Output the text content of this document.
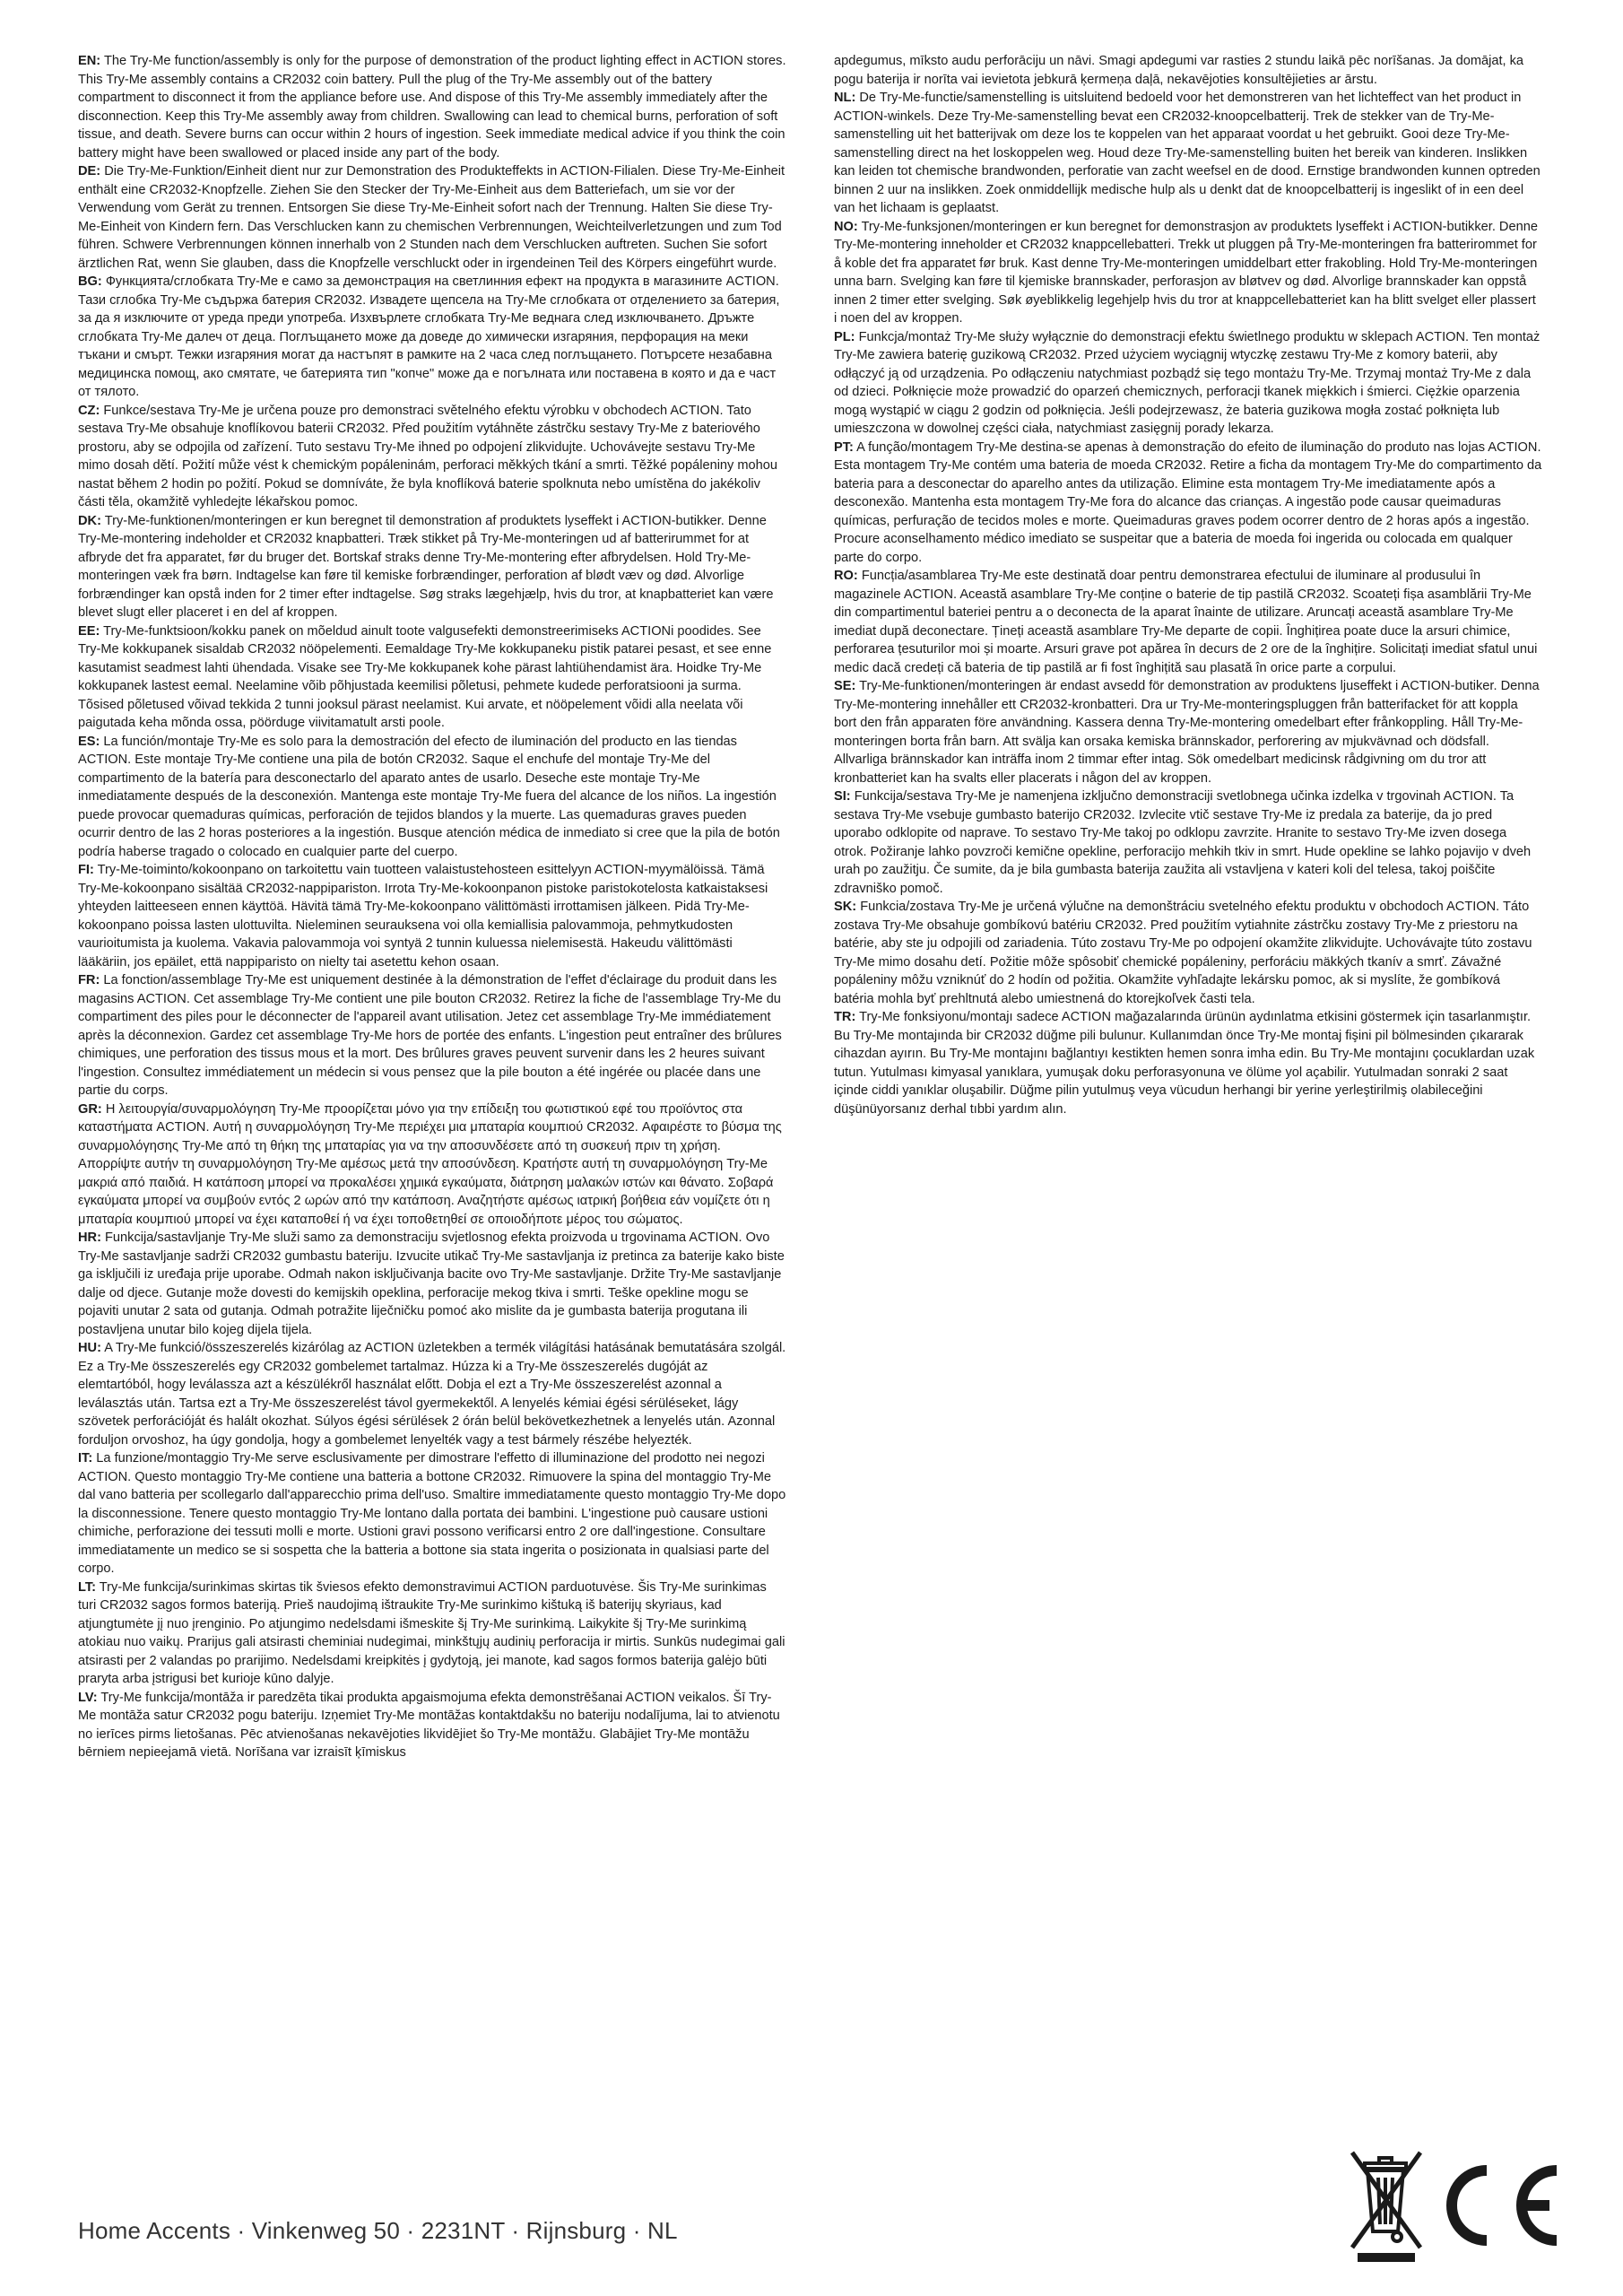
EN: The Try-Me function/assembly is only for the purpose of demonstration of the product lighting effect in ACTION stores. This Try-Me assembly contains a CR2032 coin battery. Pull the plug of the Try-Me assembly out of the battery compartment to disconnect it from the appliance before use. And dispose of this Try-Me assembly immediately after the disconnection. Keep this Try-Me assembly away from children. Swallowing can lead to chemical burns, perforation of soft tissue, and death. Severe burns can occur within 2 hours of ingestion. Seek immediate medical advice if you think the coin battery might have been swallowed or placed inside any part of the body.

DE: Die Try-Me-Funktion/Einheit dient nur zur Demonstration des Produkteffekts in ACTION-Filialen. Diese Try-Me-Einheit enthält eine CR2032-Knopfzelle. Ziehen Sie den Stecker der Try-Me-Einheit aus dem Batteriefach, um sie vor der Verwendung vom Gerät zu trennen. Entsorgen Sie diese Try-Me-Einheit sofort nach der Trennung. Halten Sie diese Try-Me-Einheit von Kindern fern. Das Verschlucken kann zu chemischen Verbrennungen, Weichteilverletzungen und zum Tod führen. Schwere Verbrennungen können innerhalb von 2 Stunden nach dem Verschlucken auftreten. Suchen Sie sofort ärztlichen Rat, wenn Sie glauben, dass die Knopfzelle verschluckt oder in irgendeinen Teil des Körpers eingeführt wurde.

BG: Функцията/сглобката Try-Me е само за демонстрация на светлинния ефект на продукта в магазините ACTION. Тази сглобка Try-Me съдържа батерия CR2032. Извадете щепсела на Try-Me сглобката от отделението за батерия, за да я изключите от уреда преди употреба. Изхвърлете сглобката Try-Me веднага след изключването. Дръжте сглобката Try-Me далеч от деца. Поглъщането може да доведе до химически изгаряния, перфорация на меки тъкани и смърт. Тежки изгаряния могат да настъпят в рамките на 2 часа след поглъщането. Потърсете незабавна медицинска помощ, ако смятате, че батерията тип "копче" може да е погълната или поставена в която и да е част от тялото.

CZ: Funkce/sestava Try-Me je určena pouze pro demonstraci světelného efektu výrobku v obchodech ACTION. Tato sestava Try-Me obsahuje knoflíkovou baterii CR2032. Před použitím vytáhněte zástrčku sestavy Try-Me z bateriového prostoru, aby se odpojila od zařízení. Tuto sestavu Try-Me ihned po odpojení zlikvidujte. Uchovávejte sestavu Try-Me mimo dosah dětí. Požití může vést k chemickým popáleninám, perforaci měkkých tkání a smrti. Těžké popáleniny mohou nastat během 2 hodin po požití. Pokud se domníváte, že byla knoflíková baterie spolknuta nebo umístěna do jakékoliv části těla, okamžitě vyhledejte lékařskou pomoc.

DK: Try-Me-funktionen/monteringen er kun beregnet til demonstration af produktets lyseffekt i ACTION-butikker. Denne Try-Me-montering indeholder et CR2032 knapbatteri. Træk stikket på Try-Me-monteringen ud af batterirummet for at afbryde det fra apparatet, før du bruger det. Bortskaf straks denne Try-Me-montering efter afbrydelsen. Hold Try-Me-monteringen væk fra børn. Indtagelse kan føre til kemiske forbrændinger, perforation af blødt væv og død. Alvorlige forbrændinger kan opstå inden for 2 timer efter indtagelse. Søg straks lægehjælp, hvis du tror, at knapbatteriet kan være blevet slugt eller placeret i en del af kroppen.

EE: Try-Me-funktsioon/kokku panek on mõeldud ainult toote valgusefekti demonstreerimiseks ACTIONi poodides. See Try-Me kokkupanek sisaldab CR2032 nööpelementi. Eemaldage Try-Me kokkupaneku pistik patarei pesast, et see enne kasutamist seadmest lahti ühendada. Visake see Try-Me kokkupanek kohe pärast lahtiühendamist ära. Hoidke Try-Me kokkupanek lastest eemal. Neelamine võib põhjustada keemilisi põletusi, pehmete kudede perforatsiooni ja surma. Tõsised põletused võivad tekkida 2 tunni jooksul pärast neelamist. Kui arvate, et nööpelement võidi alla neelata või paigutada keha mõnda ossa, pöörduge viivitamatult arsti poole.

ES: La función/montaje Try-Me es solo para la demostración del efecto de iluminación del producto en las tiendas ACTION. Este montaje Try-Me contiene una pila de botón CR2032. Saque el enchufe del montaje Try-Me del compartimento de la batería para desconectarlo del aparato antes de usarlo. Deseche este montaje Try-Me inmediatamente después de la desconexión. Mantenga este montaje Try-Me fuera del alcance de los niños. La ingestión puede provocar quemaduras químicas, perforación de tejidos blandos y la muerte. Las quemaduras graves pueden ocurrir dentro de las 2 horas posteriores a la ingestión. Busque atención médica de inmediato si cree que la pila de botón podría haberse tragado o colocado en cualquier parte del cuerpo.

FI: Try-Me-toiminto/kokoonpano on tarkoitettu vain tuotteen valaistustehosteen esittelyyn ACTION-myymälöissä. Tämä Try-Me-kokoonpano sisältää CR2032-nappipariston. Irrota Try-Me-kokoonpanon pistoke paristokotelosta katkaistaksesi yhteyden laitteeseen ennen käyttöä. Hävitä tämä Try-Me-kokoonpano välittömästi irrottamisen jälkeen. Pidä Try-Me-kokoonpano poissa lasten ulottuvilta. Nieleminen seurauksena voi olla kemiallisia palovammoja, pehmytkudosten vaurioitumista ja kuolema. Vakavia palovammoja voi syntyä 2 tunnin kuluessa nielemisestä. Hakeudu välittömästi lääkäriin, jos epäilet, että nappiparisto on nielty tai asetettu kehon osaan.

FR: La fonction/assemblage Try-Me est uniquement destinée à la démonstration de l'effet d'éclairage du produit dans les magasins ACTION. Cet assemblage Try-Me contient une pile bouton CR2032. Retirez la fiche de l'assemblage Try-Me du compartiment des piles pour le déconnecter de l'appareil avant utilisation. Jetez cet assemblage Try-Me immédiatement après la déconnexion. Gardez cet assemblage Try-Me hors de portée des enfants. L'ingestion peut entraîner des brûlures chimiques, une perforation des tissus mous et la mort. Des brûlures graves peuvent survenir dans les 2 heures suivant l'ingestion. Consultez immédiatement un médecin si vous pensez que la pile bouton a été ingérée ou placée dans une partie du corps.

GR: Η λειτουργία/συναρμολόγηση Try-Me προορίζεται μόνο για την επίδειξη του φωτιστικού εφέ του προϊόντος στα καταστήματα ACTION. Αυτή η συναρμολόγηση Try-Me περιέχει μια μπαταρία κουμπιού CR2032. Αφαιρέστε το βύσμα της συναρμολόγησης Try-Me από τη θήκη της μπαταρίας για να την αποσυνδέσετε από τη συσκευή πριν τη χρήση. Απορρίψτε αυτήν τη συναρμολόγηση Try-Me αμέσως μετά την αποσύνδεση. Κρατήστε αυτή τη συναρμολόγηση Try-Me μακριά από παιδιά. Η κατάποση μπορεί να προκαλέσει χημικά εγκαύματα, διάτρηση μαλακών ιστών και θάνατο. Σοβαρά εγκαύματα μπορεί να συμβούν εντός 2 ωρών από την κατάποση. Αναζητήστε αμέσως ιατρική βοήθεια εάν νομίζετε ότι η μπαταρία κουμπιού μπορεί να έχει καταποθεί ή να έχει τοποθετηθεί σε οποιοδήποτε μέρος του σώματος.

HR: Funkcija/sastavljanje Try-Me služi samo za demonstraciju svjetlosnog efekta proizvoda u trgovinama ACTION. Ovo Try-Me sastavljanje sadrži CR2032 gumbastu bateriju. Izvucite utikač Try-Me sastavljanja iz pretinca za baterije kako biste ga isključili iz uređaja prije uporabe. Odmah nakon isključivanja bacite ovo Try-Me sastavljanje. Držite Try-Me sastavljanje dalje od djece. Gutanje može dovesti do kemijskih opeklina, perforacije mekog tkiva i smrti. Teške opekline mogu se pojaviti unutar 2 sata od gutanja. Odmah potražite liječničku pomoć ako mislite da je gumbasta baterija progutana ili postavljena unutar bilo kojeg dijela tijela.

HU: A Try-Me funkció/összeszerelés kizárólag az ACTION üzletekben a termék világítási hatásának bemutatására szolgál. Ez a Try-Me összeszerelés egy CR2032 gombelemet tartalmaz. Húzza ki a Try-Me összeszerelés dugóját az elemtartóból, hogy leválassza azt a készülékről használat előtt. Dobja el ezt a Try-Me összeszerelést azonnal a leválasztás után. Tartsa ezt a Try-Me összeszerelést távol gyermekektől. A lenyelés kémiai égési sérüléseket, lágy szövetek perforációját és halált okozhat. Súlyos égési sérülések 2 órán belül bekövetkezhetnek a lenyelés után. Azonnal forduljon orvoshoz, ha úgy gondolja, hogy a gombelemet lenyelték vagy a test bármely részébe helyezték.

IT: La funzione/montaggio Try-Me serve esclusivamente per dimostrare l'effetto di illuminazione del prodotto nei negozi ACTION. Questo montaggio Try-Me contiene una batteria a bottone CR2032. Rimuovere la spina del montaggio Try-Me dal vano batteria per scollegarlo dall'apparecchio prima dell'uso. Smaltire immediatamente questo montaggio Try-Me dopo la disconnessione. Tenere questo montaggio Try-Me lontano dalla portata dei bambini. L'ingestione può causare ustioni chimiche, perforazione dei tessuti molli e morte. Ustioni gravi possono verificarsi entro 2 ore dall'ingestione. Consultare immediatamente un medico se si sospetta che la batteria a bottone sia stata ingerita o posizionata in qualsiasi parte del corpo.

LT: Try-Me funkcija/surinkimas skirtas tik šviesos efekto demonstravimui ACTION parduotuvėse. Šis Try-Me surinkimas turi CR2032 sagos formos bateriją. Prieš naudojimą ištraukite Try-Me surinkimo kištuką iš baterijų skyriaus, kad atjungtumėte jį nuo įrenginio. Po atjungimo nedelsdami išmeskite šį Try-Me surinkimą. Laikykite šį Try-Me surinkimą atokiau nuo vaikų. Prarijus gali atsirasti cheminiai nudegimai, minkštųjų audinių perforacija ir mirtis. Sunkūs nudegimai gali atsirasti per 2 valandas po prarijimo. Nedelsdami kreipkitės į gydytoją, jei manote, kad sagos formos baterija galėjo būti praryta arba įstrigusi bet kurioje kūno dalyje.

LV: Try-Me funkcija/montāža ir paredzēta tikai produkta apgaismojuma efekta demonstrēšanai ACTION veikalos. Šī Try-Me montāža satur CR2032 pogu bateriju. Izņemiet Try-Me montāžas kontaktdakšu no bateriju nodalījuma, lai to atvienotu no ierīces pirms lietošanas. Pēc atvienošanas nekavējoties likvidējiet šo Try-Me montāžu. Glabājiet Try-Me montāžu bērniem nepieejamā vietā. Norīšana var izraisīt ķīmiskus

apdegumus, mīksto audu perforāciju un nāvi. Smagi apdegumi var rasties 2 stundu laikā pēc norīšanas. Ja domājat, ka pogu baterija ir norīta vai ievietota jebkurā ķermeņa daļā, nekavējoties konsultējieties ar ārstu.

NL: De Try-Me-functie/samenstelling is uitsluitend bedoeld voor het demonstreren van het lichteffect van het product in ACTION-winkels. Deze Try-Me-samenstelling bevat een CR2032-knoopcelbatterij. Trek de stekker van de Try-Me-samenstelling uit het batterijvak om deze los te koppelen van het apparaat voordat u het gebruikt. Gooi deze Try-Me-samenstelling direct na het loskoppelen weg. Houd deze Try-Me-samenstelling buiten het bereik van kinderen. Inslikken kan leiden tot chemische brandwonden, perforatie van zacht weefsel en de dood. Ernstige brandwonden kunnen optreden binnen 2 uur na inslikken. Zoek onmiddellijk medische hulp als u denkt dat de knoopcelbatterij is ingeslikt of in een deel van het lichaam is geplaatst.

NO: Try-Me-funksjonen/monteringen er kun beregnet for demonstrasjon av produktets lyseffekt i ACTION-butikker. Denne Try-Me-montering inneholder et CR2032 knappcellebatteri. Trekk ut pluggen på Try-Me-monteringen fra batterirommet for å koble det fra apparatet før bruk. Kast denne Try-Me-monteringen umiddelbart etter frakobling. Hold Try-Me-monteringen unna barn. Svelging kan føre til kjemiske brannskader, perforasjon av bløtvev og død. Alvorlige brannskader kan oppstå innen 2 timer etter svelging. Søk øyeblikkelig legehjelp hvis du tror at knappcellebatteriet kan ha blitt svelget eller plassert i noen del av kroppen.

PL: Funkcja/montaż Try-Me służy wyłącznie do demonstracji efektu świetlnego produktu w sklepach ACTION. Ten montaż Try-Me zawiera baterię guzikową CR2032. Przed użyciem wyciągnij wtyczkę zestawu Try-Me z komory baterii, aby odłączyć ją od urządzenia. Po odłączeniu natychmiast pozbądź się tego montażu Try-Me. Trzymaj montaż Try-Me z dala od dzieci. Połknięcie może prowadzić do oparzeń chemicznych, perforacji tkanek miękkich i śmierci. Ciężkie oparzenia mogą wystąpić w ciągu 2 godzin od połknięcia. Jeśli podejrzewasz, że bateria guzikowa mogła zostać połknięta lub umieszczona w dowolnej części ciała, natychmiast zasięgnij porady lekarza.

PT: A função/montagem Try-Me destina-se apenas à demonstração do efeito de iluminação do produto nas lojas ACTION. Esta montagem Try-Me contém uma bateria de moeda CR2032. Retire a ficha da montagem Try-Me do compartimento da bateria para a desconectar do aparelho antes da utilização. Elimine esta montagem Try-Me imediatamente após a desconexão. Mantenha esta montagem Try-Me fora do alcance das crianças. A ingestão pode causar queimaduras químicas, perfuração de tecidos moles e morte. Queimaduras graves podem ocorrer dentro de 2 horas após a ingestão. Procure aconselhamento médico imediato se suspeitar que a bateria de moeda foi ingerida ou colocada em qualquer parte do corpo.

RO: Funcția/asamblarea Try-Me este destinată doar pentru demonstrarea efectului de iluminare al produsului în magazinele ACTION. Această asamblare Try-Me conține o baterie de tip pastilă CR2032. Scoateți fișa asamblării Try-Me din compartimentul bateriei pentru a o deconecta de la aparat înainte de utilizare. Aruncați această asamblare Try-Me imediat după deconectare. Țineți această asamblare Try-Me departe de copii. Înghițirea poate duce la arsuri chimice, perforarea țesuturilor moi și moarte. Arsuri grave pot apărea în decurs de 2 ore de la înghițire. Solicitați imediat sfatul unui medic dacă credeți că bateria de tip pastilă ar fi fost înghițită sau plasată în orice parte a corpului.

SE: Try-Me-funktionen/monteringen är endast avsedd för demonstration av produktens ljuseffekt i ACTION-butiker. Denna Try-Me-montering innehåller ett CR2032-kronbatteri. Dra ur Try-Me-monteringspluggen från batterifacket för att koppla bort den från apparaten före användning. Kassera denna Try-Me-montering omedelbart efter frånkoppling. Håll Try-Me-monteringen borta från barn. Att svälja kan orsaka kemiska brännskador, perforering av mjukvävnad och dödsfall. Allvarliga brännskador kan inträffa inom 2 timmar efter intag. Sök omedelbart medicinsk rådgivning om du tror att kronbatteriet kan ha svalts eller placerats i någon del av kroppen.

SI: Funkcija/sestava Try-Me je namenjena izključno demonstraciji svetlobnega učinka izdelka v trgovinah ACTION. Ta sestava Try-Me vsebuje gumbasto baterijo CR2032. Izvlecite vtič sestave Try-Me iz predala za baterije, da jo pred uporabo odklopite od naprave. To sestavo Try-Me takoj po odklopu zavrzite. Hranite to sestavo Try-Me izven dosega otrok. Požiranje lahko povzroči kemične opekline, perforacijo mehkih tkiv in smrt. Hude opekline se lahko pojavijo v dveh urah po zaužitju. Če sumite, da je bila gumbasta baterija zaužita ali vstavljena v kateri koli del telesa, takoj poiščite zdravniško pomoč.

SK: Funkcia/zostava Try-Me je určená výlučne na demonštráciu svetelného efektu produktu v obchodoch ACTION. Táto zostava Try-Me obsahuje gombíkovú batériu CR2032. Pred použitím vytiahnite zástrčku zostavy Try-Me z priestoru na batérie, aby ste ju odpojili od zariadenia. Túto zostavu Try-Me po odpojení okamžite zlikvidujte. Uchovávajte túto zostavu Try-Me mimo dosahu detí. Požitie môže spôsobiť chemické popáleniny, perforáciu mäkkých tkanív a smrť. Závažné popáleniny môžu vzniknúť do 2 hodín od požitia. Okamžite vyhľadajte lekársku pomoc, ak si myslíte, že gombíková batéria mohla byť prehltnutá alebo umiestnená do ktorejkoľvek časti tela.

TR: Try-Me fonksiyonu/montajı sadece ACTION mağazalarında ürünün aydınlatma etkisini göstermek için tasarlanmıştır. Bu Try-Me montajında bir CR2032 düğme pili bulunur. Kullanımdan önce Try-Me montaj fişini pil bölmesinden çıkararak cihazdan ayırın. Bu Try-Me montajını bağlantıyı kestikten hemen sonra imha edin. Bu Try-Me montajını çocuklardan uzak tutun. Yutulması kimyasal yanıklara, yumuşak doku perforasyonuna ve ölüme yol açabilir. Yutulmadan sonraki 2 saat içinde ciddi yanıklar oluşabilir. Düğme pilin yutulmuş veya vücudun herhangi bir yerine yerleştirilmiş olabileceğini düşünüyorsanız derhal tıbbi yardım alın.

Home Accents · Vinkenweg 50 · 2231NT · Rijnsburg · NL
